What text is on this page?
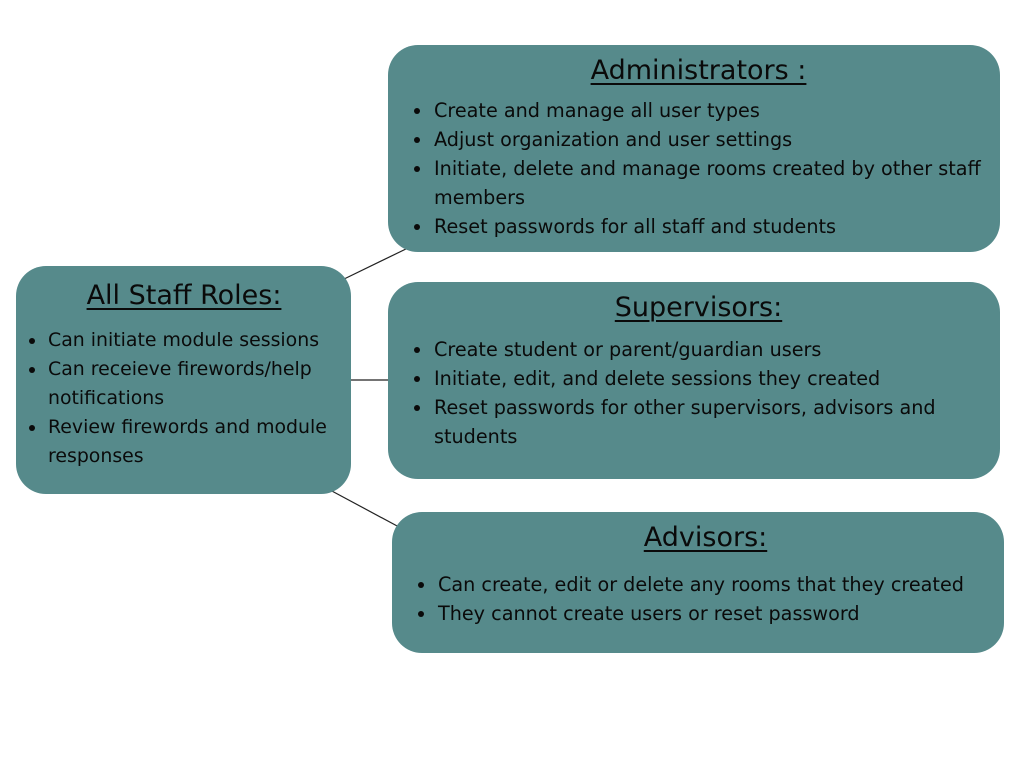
All Staff Roles:
• Can initiate module sessions
• Can receieve firewords/help notifications
• Review firewords and module responses
Administrators :
• Create and manage all user types
• Adjust organization and user settings
• Initiate, delete and manage rooms created by other staff members
• Reset passwords for all staff and students
Supervisors:
• Create student or parent/guardian users
• Initiate, edit, and delete sessions they created
• Reset passwords for other supervisors, advisors and students
Advisors:
• Can create, edit or delete any rooms that they created
• They cannot create users or reset password
